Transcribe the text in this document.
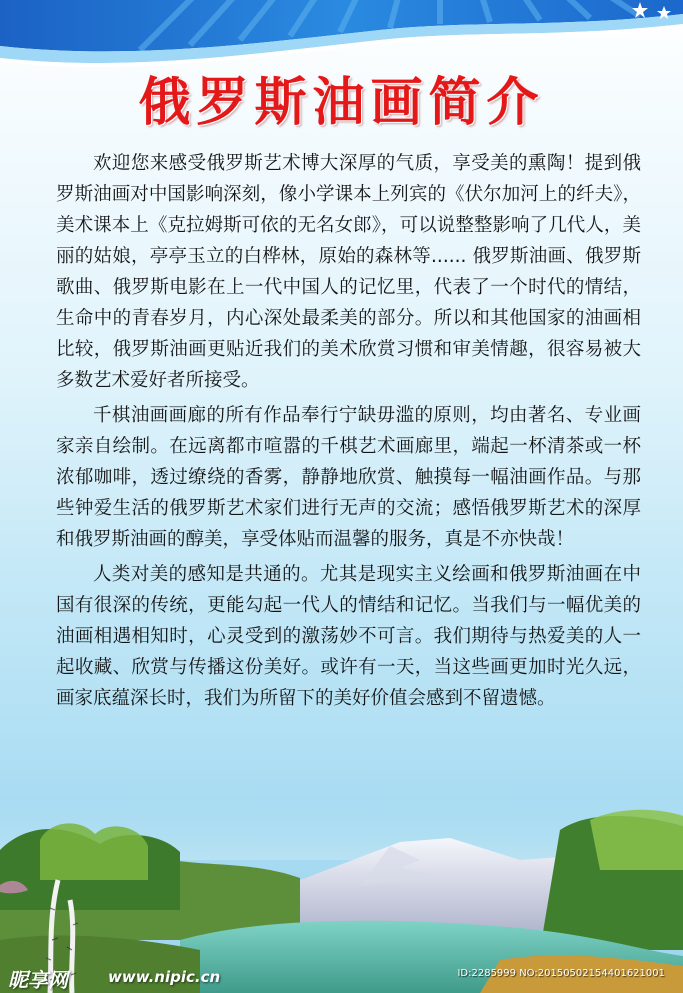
俄罗斯油画简介

欢迎您来感受俄罗斯艺术博大深厚的气质，享受美的熏陶！提到俄罗斯油画对中国影响深刻，像小学课本上列宾的《伏尔加河上的纤夫》，美术课本上《克拉姆斯可依的无名女郎》，可以说整整影响了几代人，美丽的姑娘，亭亭玉立的白桦林，原始的森林等...... 俄罗斯油画、俄罗斯歌曲、俄罗斯电影在上一代中国人的记忆里，代表了一个时代的情结，生命中的青春岁月，内心深处最柔美的部分。所以和其他国家的油画相比较，俄罗斯油画更贴近我们的美术欣赏习惯和审美情趣，很容易被大多数艺术爱好者所接受。

千棋油画画廊的所有作品奉行宁缺毋滥的原则，均由著名、专业画家亲自绘制。在远离都市喧嚣的千棋艺术画廊里，端起一杯清茶或一杯浓郁咖啡，透过缭绕的香雾，静静地欣赏、触摸每一幅油画作品。与那些钟爱生活的俄罗斯艺术家们进行无声的交流；感悟俄罗斯艺术的深厚和俄罗斯油画的醇美，享受体贴而温馨的服务，真是不亦快哉！

人类对美的感知是共通的。尤其是现实主义绘画和俄罗斯油画在中国有很深的传统，更能勾起一代人的情结和记忆。当我们与一幅优美的油画相遇相知时，心灵受到的激荡妙不可言。我们期待与热爱美的人一起收藏、欣赏与传播这份美好。或许有一天，当这些画更加时光久远，画家底蕴深长时，我们为所留下的美好价值会感到不留遗憾。

昵享网	www.nipic.cn	ID:2285999 NO:20150502154401621001
